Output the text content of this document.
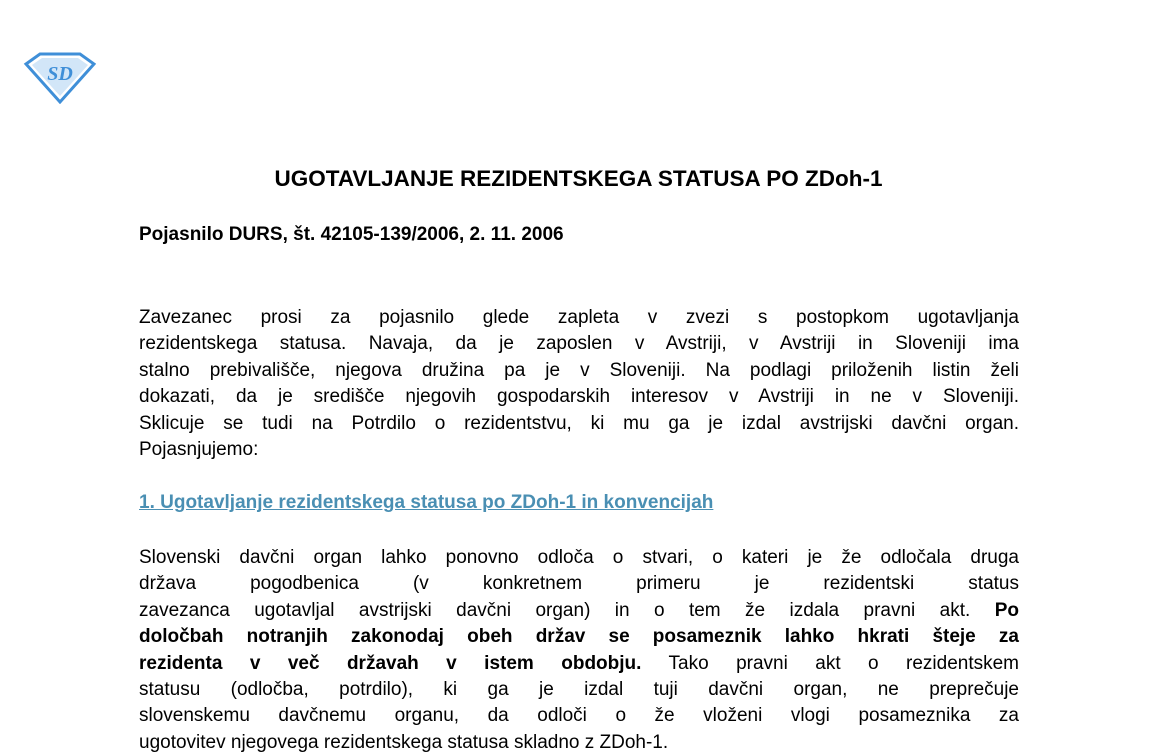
SD
UGOTAVLJANJE REZIDENTSKEGA STATUSA PO ZDoh-1

Pojasnilo DURS, št. 42105-139/2006, 2. 11. 2006

Zavezanec prosi za pojasnilo glede zapleta v zvezi s postopkom ugotavljanja
rezidentskega statusa. Navaja, da je zaposlen v Avstriji, v Avstriji in Sloveniji ima
stalno prebivališče, njegova družina pa je v Sloveniji. Na podlagi priloženih listin želi
dokazati, da je središče njegovih gospodarskih interesov v Avstriji in ne v Sloveniji.
Sklicuje se tudi na Potrdilo o rezidentstvu, ki mu ga je izdal avstrijski davčni organ.
Pojasnjujemo:

1. Ugotavljanje rezidentskega statusa po ZDoh-1 in konvencijah

Slovenski davčni organ lahko ponovno odloča o stvari, o kateri je že odločala druga
država pogodbenica (v konkretnem primeru je rezidentski status
zavezanca ugotavljal avstrijski davčni organ) in o tem že izdala pravni akt. Po
določbah notranjih zakonodaj obeh držav se posameznik lahko hkrati šteje za
rezidenta v več državah v istem obdobju. Tako pravni akt o rezidentskem
statusu (odločba, potrdilo), ki ga je izdal tuji davčni organ, ne preprečuje
slovenskemu davčnemu organu, da odloči o že vloženi vlogi posameznika za
ugotovitev njegovega rezidentskega statusa skladno z ZDoh-1.
